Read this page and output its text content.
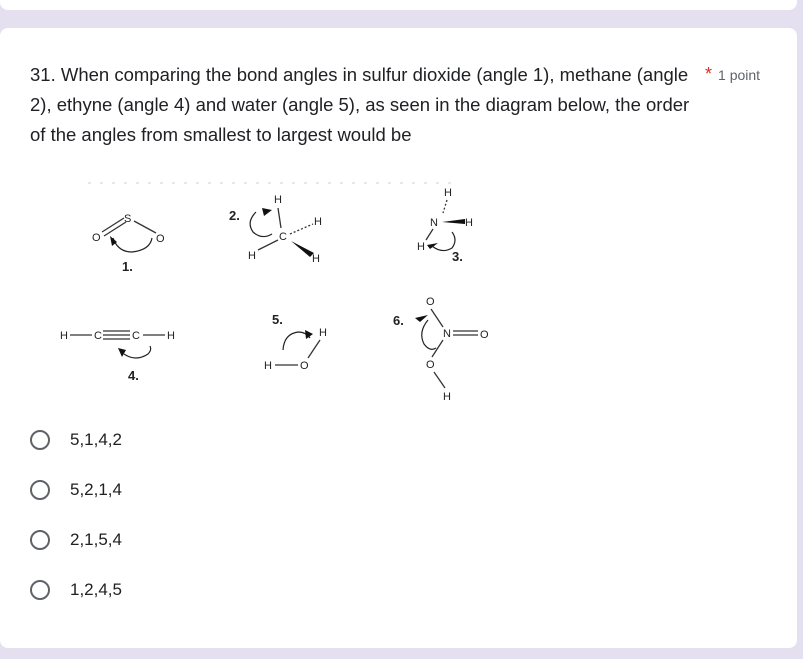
31. When comparing the bond angles in sulfur dioxide (angle 1), methane (angle 2), ethyne (angle 4) and water (angle 5), as seen in the diagram below, the order of the angles from smallest to largest would be

* 1 point
S
O	O
1.
2.
H
C
H
H	H
H
N H
H
3.
H C	C H
4.
5.
H
H	O
6.
O
N	O
O
H
5,1,4,2
5,2,1,4
2,1,5,4
1,2,4,5
